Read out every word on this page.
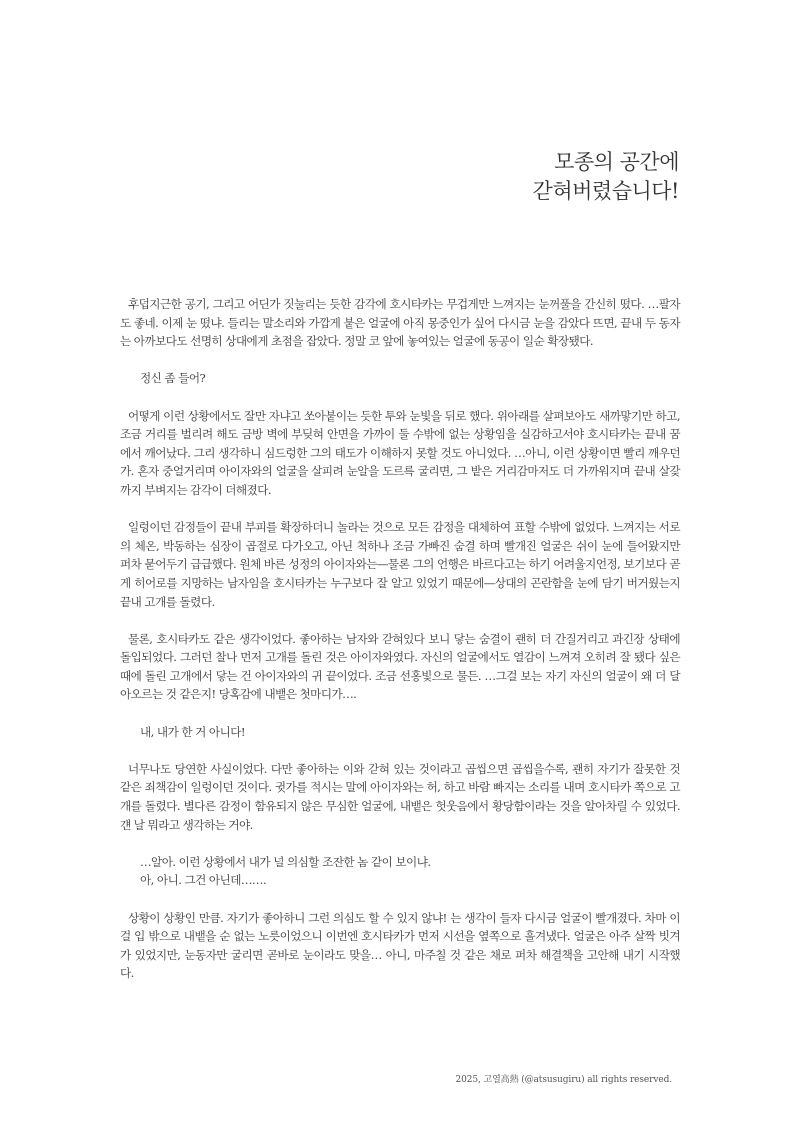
모종의 공간에
갇혀버렸습니다!

후덥지근한 공기, 그리고 어딘가 짓눌리는 듯한 감각에 호시타카는 무겁게만 느껴지는 눈꺼풀을 간신히 떴다. …팔자도 좋네. 이제 눈 떴냐. 들리는 말소리와 가깝게 붙은 얼굴에 아직 몽중인가 싶어 다시금 눈을 감았다 뜨면, 끝내 두 동자는 아까보다도 선명히 상대에게 초점을 잡았다. 정말 코 앞에 놓여있는 얼굴에 동공이 일순 확장됐다.

정신 좀 들어?

어떻게 이런 상황에서도 잘만 자냐고 쏘아붙이는 듯한 투와 눈빛을 뒤로 했다. 위아래를 살펴보아도 새까맣기만 하고, 조금 거리를 벌리려 해도 금방 벽에 부딪혀 안면을 가까이 둘 수밖에 없는 상황임을 실감하고서야 호시타카는 끝내 꿈에서 깨어났다. 그리 생각하니 심드렁한 그의 태도가 이해하지 못할 것도 아니었다. …아니, 이런 상황이면 빨리 깨우던가. 혼자 중얼거리며 아이자와의 얼굴을 살피려 눈알을 도르륵 굴리면, 그 밭은 거리감마저도 더 가까워지며 끝내 살갗까지 부벼지는 감각이 더해졌다.

일렁이던 감정들이 끝내 부피를 확장하더니 놀라는 것으로 모든 감정을 대체하여 표할 수밖에 없었다. 느껴지는 서로의 체온, 박동하는 심장이 곱절로 다가오고, 아닌 척하나 조금 가빠진 숨결 하며 빨개진 얼굴은 쉬이 눈에 들어왔지만 퍼차 묻어두기 급급했다. 원체 바른 성정의 아이자와는—물론 그의 언행은 바르다고는 하기 어려울지언정, 보기보다 곧게 히어로를 지망하는 남자임을 호시타카는 누구보다 잘 알고 있었기 때문에—상대의 곤란함을 눈에 담기 버거웠는지 끝내 고개를 돌렸다.

물론, 호시타카도 같은 생각이었다. 좋아하는 남자와 갇혀있다 보니 닿는 숨결이 괜히 더 간질거리고 과긴장 상태에 돌입되었다. 그러던 찰나 먼저 고개를 돌린 것은 아이자와였다. 자신의 얼굴에서도 열감이 느껴져 오히려 잘 됐다 싶은 때에 돌린 고개에서 닿는 건 아이자와의 귀 끝이었다. 조금 선홍빛으로 물든. …그걸 보는 자기 자신의 얼굴이 왜 더 달아오르는 것 같은지! 당혹감에 내뱉은 첫마디가….

내, 내가 한 거 아니다!

너무나도 당연한 사실이었다. 다만 좋아하는 이와 갇혀 있는 것이라고 곱씹으면 곱씹을수록, 괜히 자기가 잘못한 것 같은 죄책감이 일렁이던 것이다. 귓가를 적시는 말에 아이자와는 허, 하고 바람 빠지는 소리를 내며 호시타카 쪽으로 고개를 돌렸다. 별다른 감정이 함유되지 않은 무심한 얼굴에, 내뱉은 헛웃음에서 황당함이라는 것을 알아차릴 수 있었다. 걘 날 뭐라고 생각하는 거야.

…알아. 이런 상황에서 내가 널 의심할 조잔한 놈 같이 보이냐.

아, 아니. 그건 아닌데…….

상황이 상황인 만큼. 자기가 좋아하니 그런 의심도 할 수 있지 않냐! 는 생각이 들자 다시금 얼굴이 빨개졌다. 차마 이걸 입 밖으로 내뱉을 순 없는 노릇이었으니 이번엔 호시타카가 먼저 시선을 옆쪽으로 흘겨냈다. 얼굴은 아주 살짝 빗겨가 있었지만, 눈동자만 굴리면 곧바로 눈이라도 맞을… 아니, 마주칠 것 같은 채로 퍼차 해결책을 고안해 내기 시작했다.

2025, 고열高熱 (@atsusugiru) all rights reserved.
